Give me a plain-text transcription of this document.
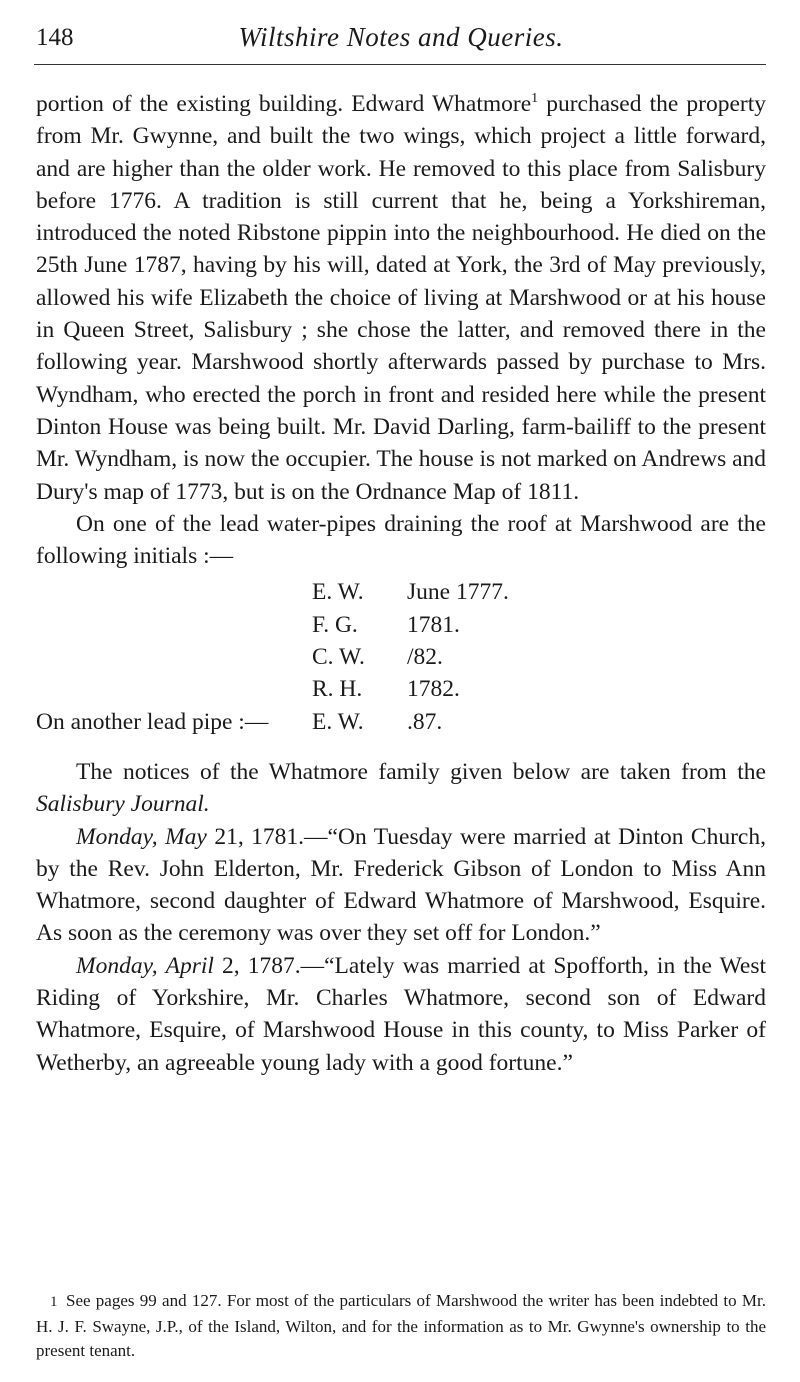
148	Wiltshire Notes and Queries.

portion of the existing building. Edward Whatmore$^1$ purchased the property from Mr. Gwynne, and built the two wings, which project a little forward, and are higher than the older work. He removed to this place from Salisbury before 1776. A tradition is still current that he, being a Yorkshireman, introduced the noted Ribstone pippin into the neighbourhood. He died on the 25th June 1787, having by his will, dated at York, the 3rd of May previously, allowed his wife Elizabeth the choice of living at Marshwood or at his house in Queen Street, Salisbury ; she chose the latter, and removed there in the following year. Marshwood shortly afterwards passed by purchase to Mrs. Wyndham, who erected the porch in front and resided here while the present Dinton House was being built. Mr. David Darling, farm-bailiff to the present Mr. Wyndham, is now the occupier. The house is not marked on Andrews and Dury's map of 1773, but is on the Ordnance Map of 1811.

On one of the lead water-pipes draining the roof at Marshwood are the following initials :—

E. W.	June 1777.
F. G.	1781.
C. W.	/82.
R. H.	1782.
On another lead pipe :—	E. W.	.87.

The notices of the Whatmore family given below are taken from the Salisbury Journal.

Monday, May 21, 1781.—“On Tuesday were married at Dinton Church, by the Rev. John Elderton, Mr. Frederick Gibson of London to Miss Ann Whatmore, second daughter of Edward Whatmore of Marshwood, Esquire. As soon as the ceremony was over they set off for London.”

Monday, April 2, 1787.—“Lately was married at Spofforth, in the West Riding of Yorkshire, Mr. Charles Whatmore, second son of Edward Whatmore, Esquire, of Marshwood House in this county, to Miss Parker of Wetherby, an agreeable young lady with a good fortune.”

1 See pages 99 and 127. For most of the particulars of Marshwood the writer has been indebted to Mr. H. J. F. Swayne, J.P., of the Island, Wilton, and for the information as to Mr. Gwynne's ownership to the present tenant.
